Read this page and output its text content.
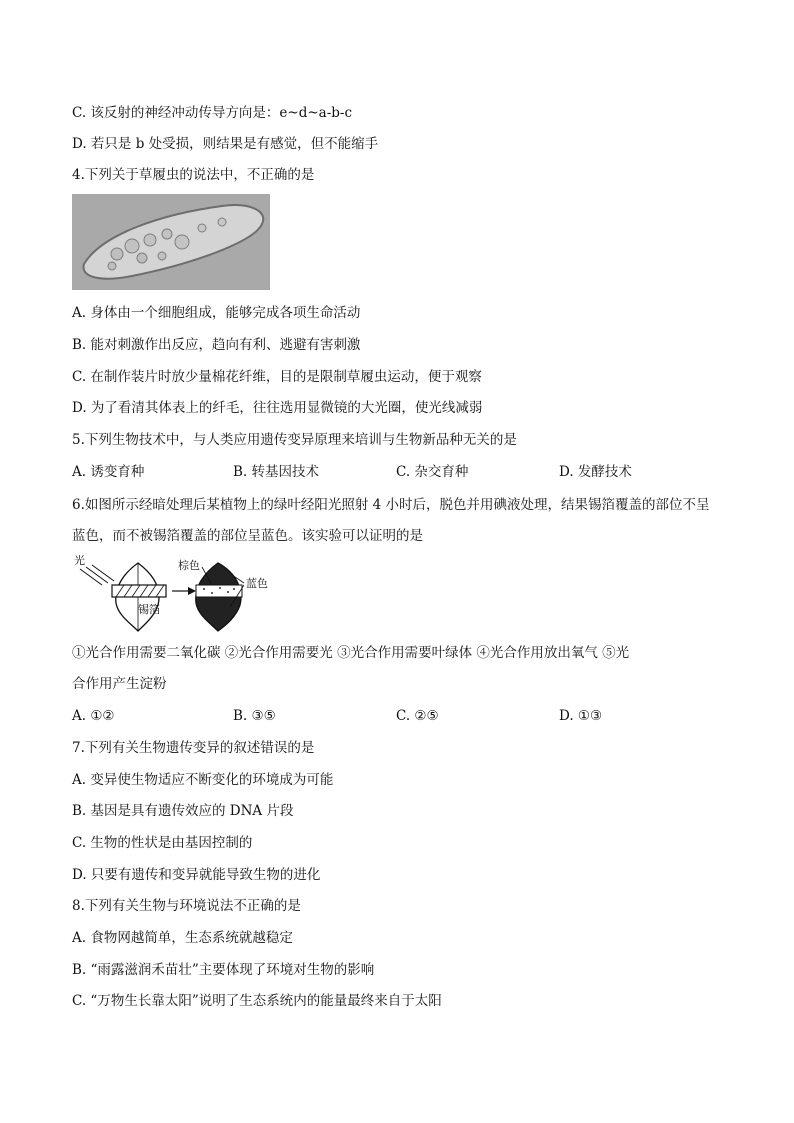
C. 该反射的神经冲动传导方向是：e~d~a-b-c
D. 若只是 b 处受损，则结果是有感觉，但不能缩手
4.下列关于草履虫的说法中，不正确的是
A. 身体由一个细胞组成，能够完成各项生命活动
B. 能对刺激作出反应，趋向有利、逃避有害刺激
C. 在制作装片时放少量棉花纤维，目的是限制草履虫运动，便于观察
D. 为了看清其体表上的纤毛，往往选用显微镜的大光圈，使光线减弱
5.下列生物技术中，与人类应用遗传变异原理来培训与生物新品种无关的是
A. 诱变育种	B. 转基因技术	C. 杂交育种	D. 发酵技术
6.如图所示经暗处理后某植物上的绿叶经阳光照射 4 小时后，脱色并用碘液处理，结果锡箔覆盖的部位不呈
蓝色，而不被锡箔覆盖的部位呈蓝色。该实验可以证明的是
光
锡箔
棕色
蓝色
①光合作用需要二氧化碳 ②光合作用需要光 ③光合作用需要叶绿体 ④光合作用放出氧气 ⑤光
合作用产生淀粉
A. ①②	B. ③⑤	C. ②⑤	D. ①③
7.下列有关生物遗传变异的叙述错误的是
A. 变异使生物适应不断变化的环境成为可能
B. 基因是具有遗传效应的 DNA 片段
C. 生物的性状是由基因控制的
D. 只要有遗传和变异就能导致生物的进化
8.下列有关生物与环境说法不正确的是
A. 食物网越简单，生态系统就越稳定
B. “雨露滋润禾苗壮”主要体现了环境对生物的影响
C. “万物生长靠太阳”说明了生态系统内的能量最终来自于太阳
